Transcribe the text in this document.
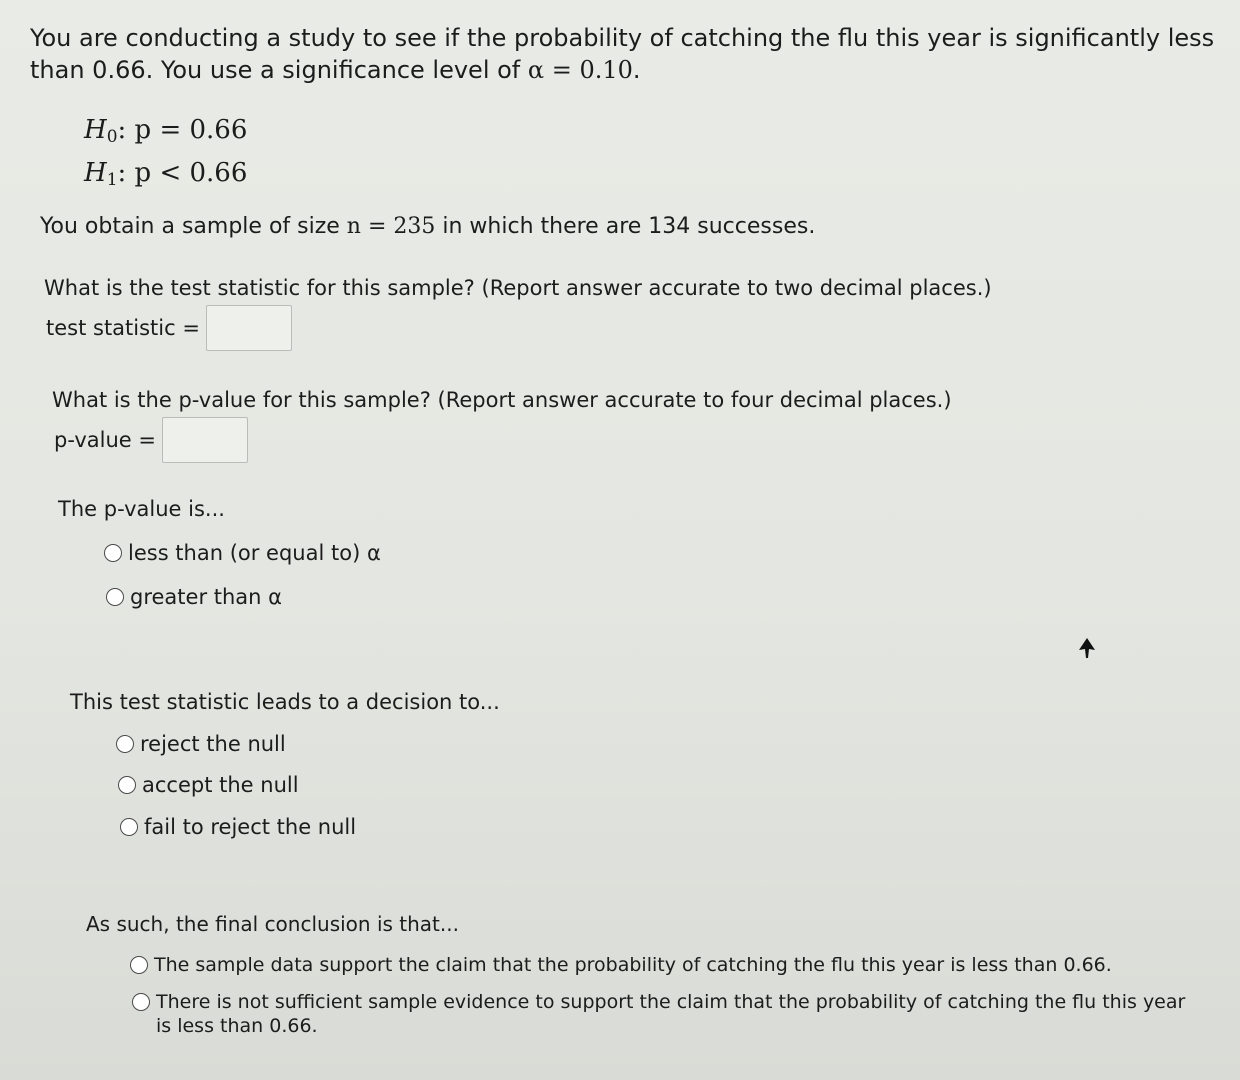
You are conducting a study to see if the probability of catching the flu this year is significantly less than 0.66. You use a significance level of α = 0.10.
$H_0$: p = 0.66
$H_1$: p < 0.66
You obtain a sample of size n = 235 in which there are 134 successes.
What is the test statistic for this sample? (Report answer accurate to two decimal places.)
test statistic =
What is the p-value for this sample? (Report answer accurate to four decimal places.)
p-value =
The p-value is...
less than (or equal to) α
greater than α
This test statistic leads to a decision to...
reject the null
accept the null
fail to reject the null
As such, the final conclusion is that...
The sample data support the claim that the probability of catching the flu this year is less than 0.66.
There is not sufficient sample evidence to support the claim that the probability of catching the flu this year is less than 0.66.
